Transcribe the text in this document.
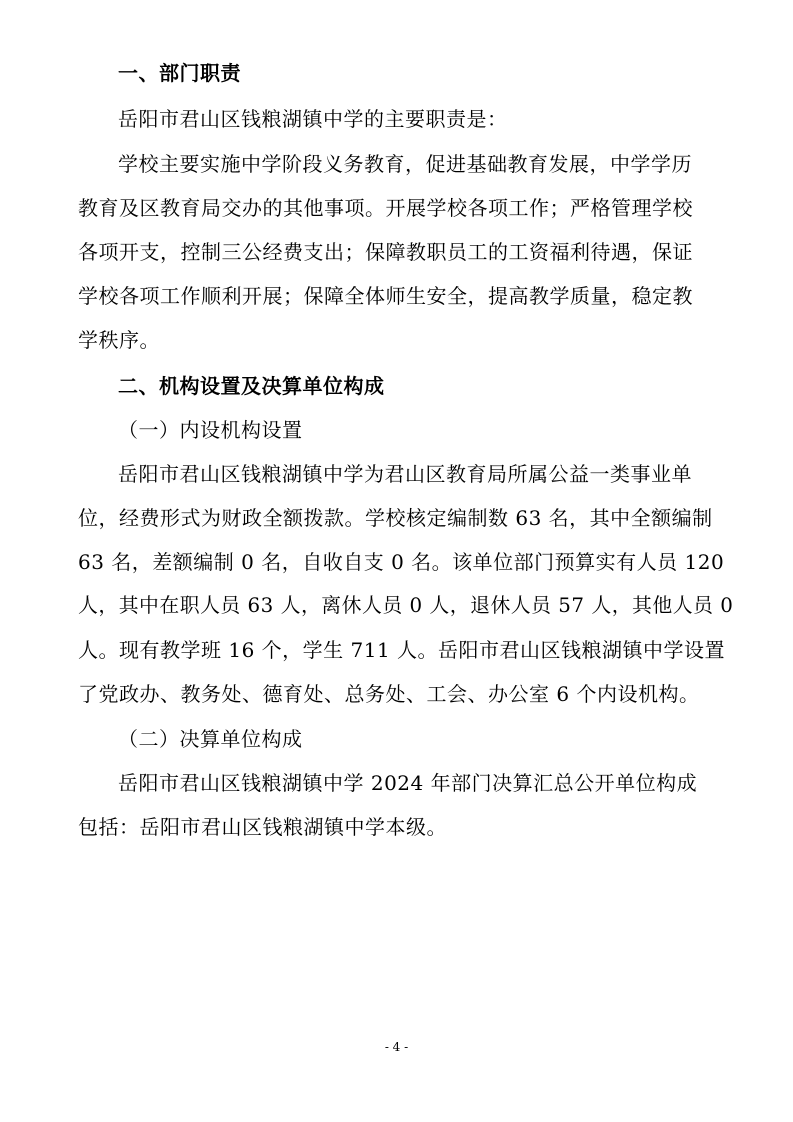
一、部门职责
岳阳市君山区钱粮湖镇中学的主要职责是：
学校主要实施中学阶段义务教育，促进基础教育发展，中学学历
教育及区教育局交办的其他事项。开展学校各项工作；严格管理学校
各项开支，控制三公经费支出；保障教职员工的工资福利待遇，保证
学校各项工作顺利开展；保障全体师生安全，提高教学质量，稳定教
学秩序。
二、机构设置及决算单位构成
（一）内设机构设置
岳阳市君山区钱粮湖镇中学为君山区教育局所属公益一类事业单
位，经费形式为财政全额拨款。学校核定编制数 63 名，其中全额编制
63 名，差额编制 0 名，自收自支 0 名。该单位部门预算实有人员 120
人，其中在职人员 63 人，离休人员 0 人，退休人员 57 人，其他人员 0
人。现有教学班 16 个，学生 711 人。岳阳市君山区钱粮湖镇中学设置
了党政办、教务处、德育处、总务处、工会、办公室 6 个内设机构。
（二）决算单位构成
岳阳市君山区钱粮湖镇中学 2024 年部门决算汇总公开单位构成
包括：岳阳市君山区钱粮湖镇中学本级。
- 4 -
